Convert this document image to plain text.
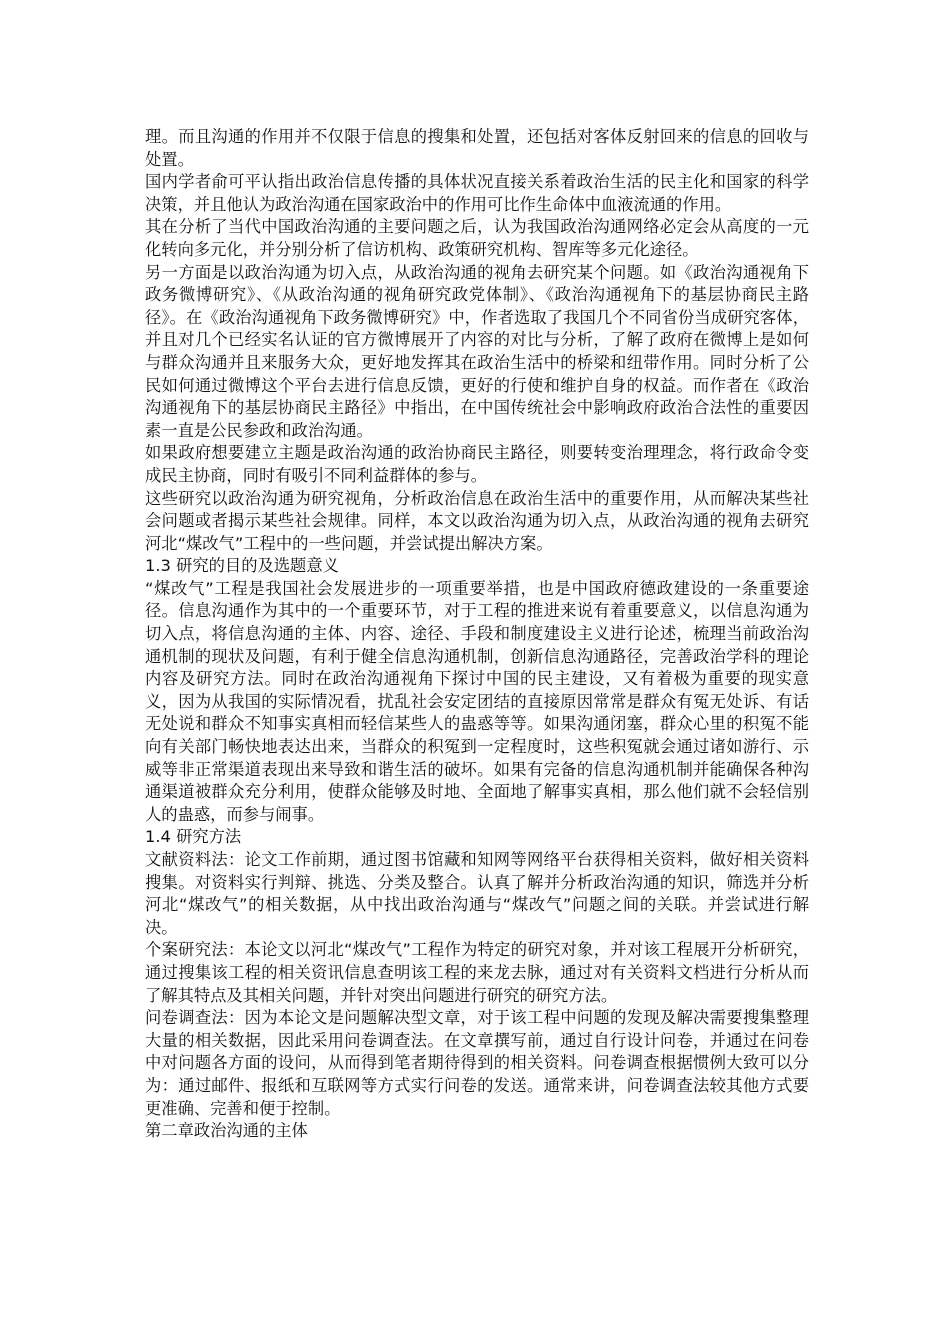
理。而且沟通的作用并不仅限于信息的搜集和处置，还包括对客体反射回来的信息的回收与处置。

国内学者俞可平认指出政治信息传播的具体状况直接关系着政治生活的民主化和国家的科学决策，并且他认为政治沟通在国家政治中的作用可比作生命体中血液流通的作用。

其在分析了当代中国政治沟通的主要问题之后，认为我国政治沟通网络必定会从高度的一元化转向多元化，并分别分析了信访机构、政策研究机构、智库等多元化途径。

另一方面是以政治沟通为切入点，从政治沟通的视角去研究某个问题。如《政治沟通视角下政务微博研究》、《从政治沟通的视角研究政党体制》、《政治沟通视角下的基层协商民主路径》。在《政治沟通视角下政务微博研究》中，作者选取了我国几个不同省份当成研究客体，并且对几个已经实名认证的官方微博展开了内容的对比与分析，了解了政府在微博上是如何与群众沟通并且来服务大众，更好地发挥其在政治生活中的桥梁和纽带作用。同时分析了公民如何通过微博这个平台去进行信息反馈，更好的行使和维护自身的权益。而作者在《政治沟通视角下的基层协商民主路径》中指出，在中国传统社会中影响政府政治合法性的重要因素一直是公民参政和政治沟通。

如果政府想要建立主题是政治沟通的政治协商民主路径，则要转变治理理念，将行政命令变成民主协商，同时有吸引不同利益群体的参与。

这些研究以政治沟通为研究视角，分析政治信息在政治生活中的重要作用，从而解决某些社会问题或者揭示某些社会规律。同样，本文以政治沟通为切入点，从政治沟通的视角去研究河北“煤改气”工程中的一些问题，并尝试提出解决方案。

1.3 研究的目的及选题意义

“煤改气”工程是我国社会发展进步的一项重要举措，也是中国政府德政建设的一条重要途径。信息沟通作为其中的一个重要环节，对于工程的推进来说有着重要意义，以信息沟通为切入点，将信息沟通的主体、内容、途径、手段和制度建设主义进行论述，梳理当前政治沟通机制的现状及问题，有利于健全信息沟通机制，创新信息沟通路径，完善政治学科的理论内容及研究方法。同时在政治沟通视角下探讨中国的民主建设，又有着极为重要的现实意义，因为从我国的实际情况看，扰乱社会安定团结的直接原因常常是群众有冤无处诉、有话无处说和群众不知事实真相而轻信某些人的蛊惑等等。如果沟通闭塞，群众心里的积冤不能向有关部门畅快地表达出来，当群众的积冤到一定程度时，这些积冤就会通过诸如游行、示威等非正常渠道表现出来导致和谐生活的破坏。如果有完备的信息沟通机制并能确保各种沟通渠道被群众充分利用，使群众能够及时地、全面地了解事实真相，那么他们就不会轻信别人的蛊惑，而参与闹事。

1.4 研究方法

文献资料法：论文工作前期，通过图书馆藏和知网等网络平台获得相关资料，做好相关资料搜集。对资料实行判辩、挑选、分类及整合。认真了解并分析政治沟通的知识，筛选并分析河北“煤改气”的相关数据，从中找出政治沟通与“煤改气”问题之间的关联。并尝试进行解决。

个案研究法：本论文以河北“煤改气”工程作为特定的研究对象，并对该工程展开分析研究，通过搜集该工程的相关资讯信息查明该工程的来龙去脉，通过对有关资料文档进行分析从而了解其特点及其相关问题，并针对突出问题进行研究的研究方法。

问卷调查法：因为本论文是问题解决型文章，对于该工程中问题的发现及解决需要搜集整理大量的相关数据，因此采用问卷调查法。在文章撰写前，通过自行设计问卷，并通过在问卷中对问题各方面的设问，从而得到笔者期待得到的相关资料。问卷调查根据惯例大致可以分为：通过邮件、报纸和互联网等方式实行问卷的发送。通常来讲，问卷调查法较其他方式要更准确、完善和便于控制。

第二章政治沟通的主体
